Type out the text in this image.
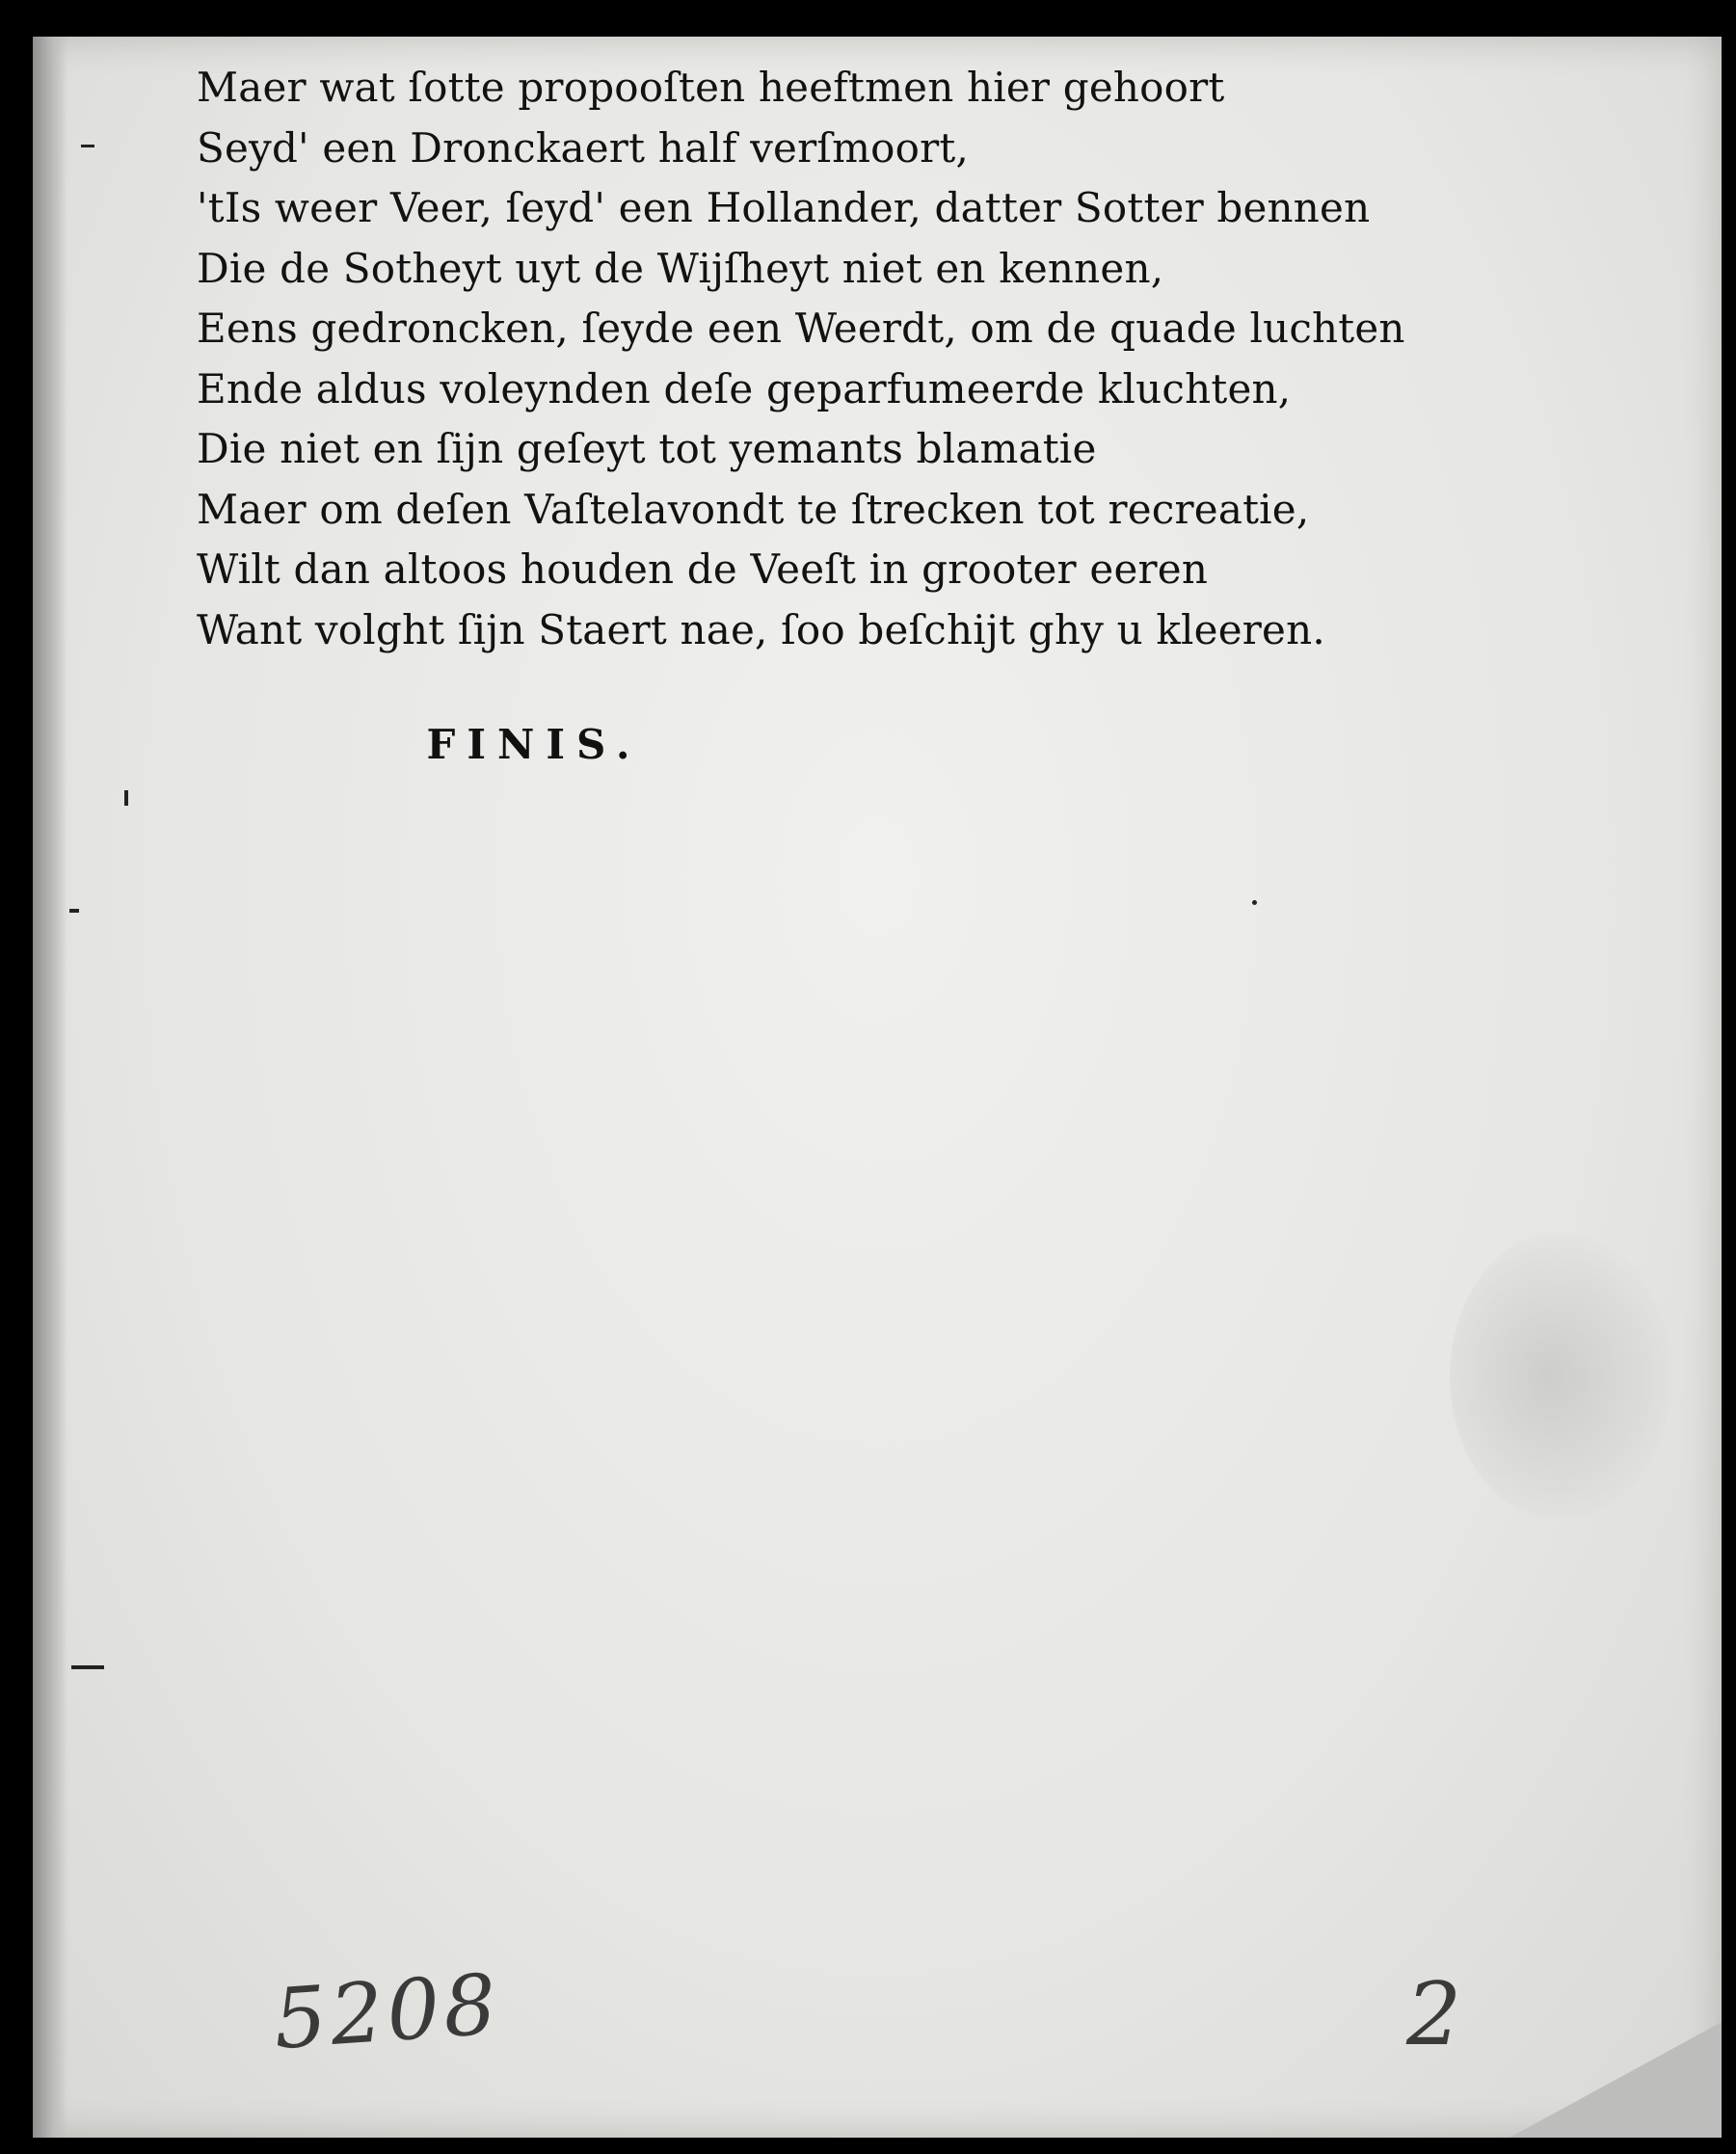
Maer wat ſotte propooſten heeftmen hier gehoort
Seyd' een Dronckaert half verſmoort,
'tIs weer Veer, ſeyd' een Hollander, datter Sotter bennen
Die de Sotheyt uyt de Wijſheyt niet en kennen,
Eens gedroncken, ſeyde een Weerdt, om de quade luchten
Ende aldus voleynden deſe geparfumeerde kluchten,
Die niet en ſijn geſeyt tot yemants blamatie
Maer om deſen Vaſtelavondt te ſtrecken tot recreatie,
Wilt dan altoos houden de Veeſt in grooter eeren
Want volght ſijn Staert nae, ſoo beſchijt ghy u kleeren.
FINIS.
5208	2
